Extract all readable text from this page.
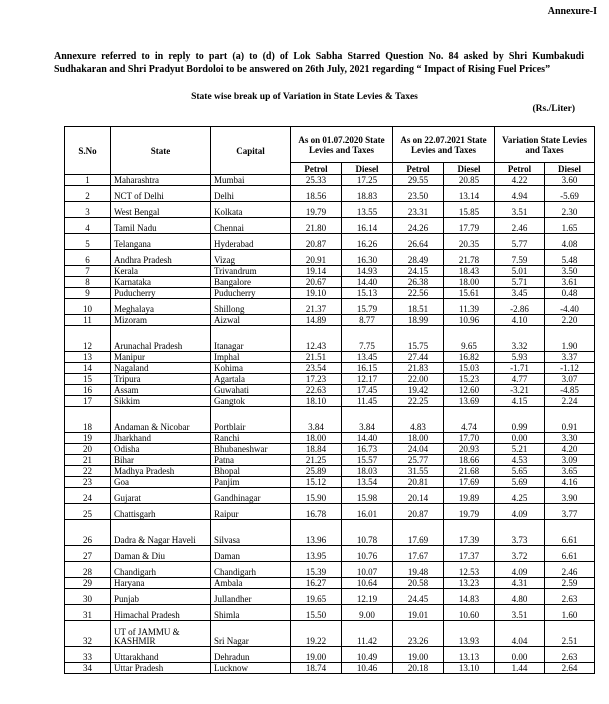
Annexure-I
Annexure referred to in reply to part (a) to (d) of Lok Sabha Starred Question No. 84 asked by Shri Kumbakudi Sudhakaran and Shri Pradyut Bordoloi to be answered on 26th July, 2021 regarding “ Impact of Rising Fuel Prices”
State wise break up of Variation in State Levies & Taxes
(Rs./Liter)
S.No	State	Capital	As on 01.07.2020 State Levies and Taxes		As on 22.07.2021 State Levies and Taxes		Variation State Levies and Taxes	
			Petrol	Diesel	Petrol	Diesel	Petrol	Diesel
1	Maharashtra	Mumbai	25.33	17.25	29.55	20.85	4.22	3.60
2	NCT of Delhi	Delhi	18.56	18.83	23.50	13.14	4.94	-5.69
3	West Bengal	Kolkata	19.79	13.55	23.31	15.85	3.51	2.30
4	Tamil Nadu	Chennai	21.80	16.14	24.26	17.79	2.46	1.65
5	Telangana	Hyderabad	20.87	16.26	26.64	20.35	5.77	4.08
6	Andhra Pradesh	Vizag	20.91	16.30	28.49	21.78	7.59	5.48
7	Kerala	Trivandrum	19.14	14.93	24.15	18.43	5.01	3.50
8	Karnataka	Bangalore	20.67	14.40	26.38	18.00	5.71	3.61
9	Puducherry	Puducherry	19.10	15.13	22.56	15.61	3.45	0.48
10	Meghalaya	Shillong	21.37	15.79	18.51	11.39	-2.86	-4.40
11	Mizoram	Aizwal	14.89	8.77	18.99	10.96	4.10	2.20
12	Arunachal Pradesh	Itanagar	12.43	7.75	15.75	9.65	3.32	1.90
13	Manipur	Imphal	21.51	13.45	27.44	16.82	5.93	3.37
14	Nagaland	Kohima	23.54	16.15	21.83	15.03	-1.71	-1.12
15	Tripura	Agartala	17.23	12.17	22.00	15.23	4.77	3.07
16	Assam	Guwahati	22.63	17.45	19.42	12.60	-3.21	-4.85
17	Sikkim	Gangtok	18.10	11.45	22.25	13.69	4.15	2.24
18	Andaman & Nicobar	Portblair	3.84	3.84	4.83	4.74	0.99	0.91
19	Jharkhand	Ranchi	18.00	14.40	18.00	17.70	0.00	3.30
20	Odisha	Bhubaneshwar	18.84	16.73	24.04	20.93	5.21	4.20
21	Bihar	Patna	21.25	15.57	25.77	18.66	4.53	3.09
22	Madhya Pradesh	Bhopal	25.89	18.03	31.55	21.68	5.65	3.65
23	Goa	Panjim	15.12	13.54	20.81	17.69	5.69	4.16
24	Gujarat	Gandhinagar	15.90	15.98	20.14	19.89	4.25	3.90
25	Chattisgarh	Raipur	16.78	16.01	20.87	19.79	4.09	3.77
26	Dadra & Nagar Haveli	Silvasa	13.96	10.78	17.69	17.39	3.73	6.61
27	Daman & Diu	Daman	13.95	10.76	17.67	17.37	3.72	6.61
28	Chandigarh	Chandigarh	15.39	10.07	19.48	12.53	4.09	2.46
29	Haryana	Ambala	16.27	10.64	20.58	13.23	4.31	2.59
30	Punjab	Jullandher	19.65	12.19	24.45	14.83	4.80	2.63
31	Himachal Pradesh	Shimla	15.50	9.00	19.01	10.60	3.51	1.60
32	UT of JAMMU & KASHMIR	Sri Nagar	19.22	11.42	23.26	13.93	4.04	2.51
33	Uttarakhand	Dehradun	19.00	10.49	19.00	13.13	0.00	2.63
34	Uttar Pradesh	Lucknow	18.74	10.46	20.18	13.10	1.44	2.64
